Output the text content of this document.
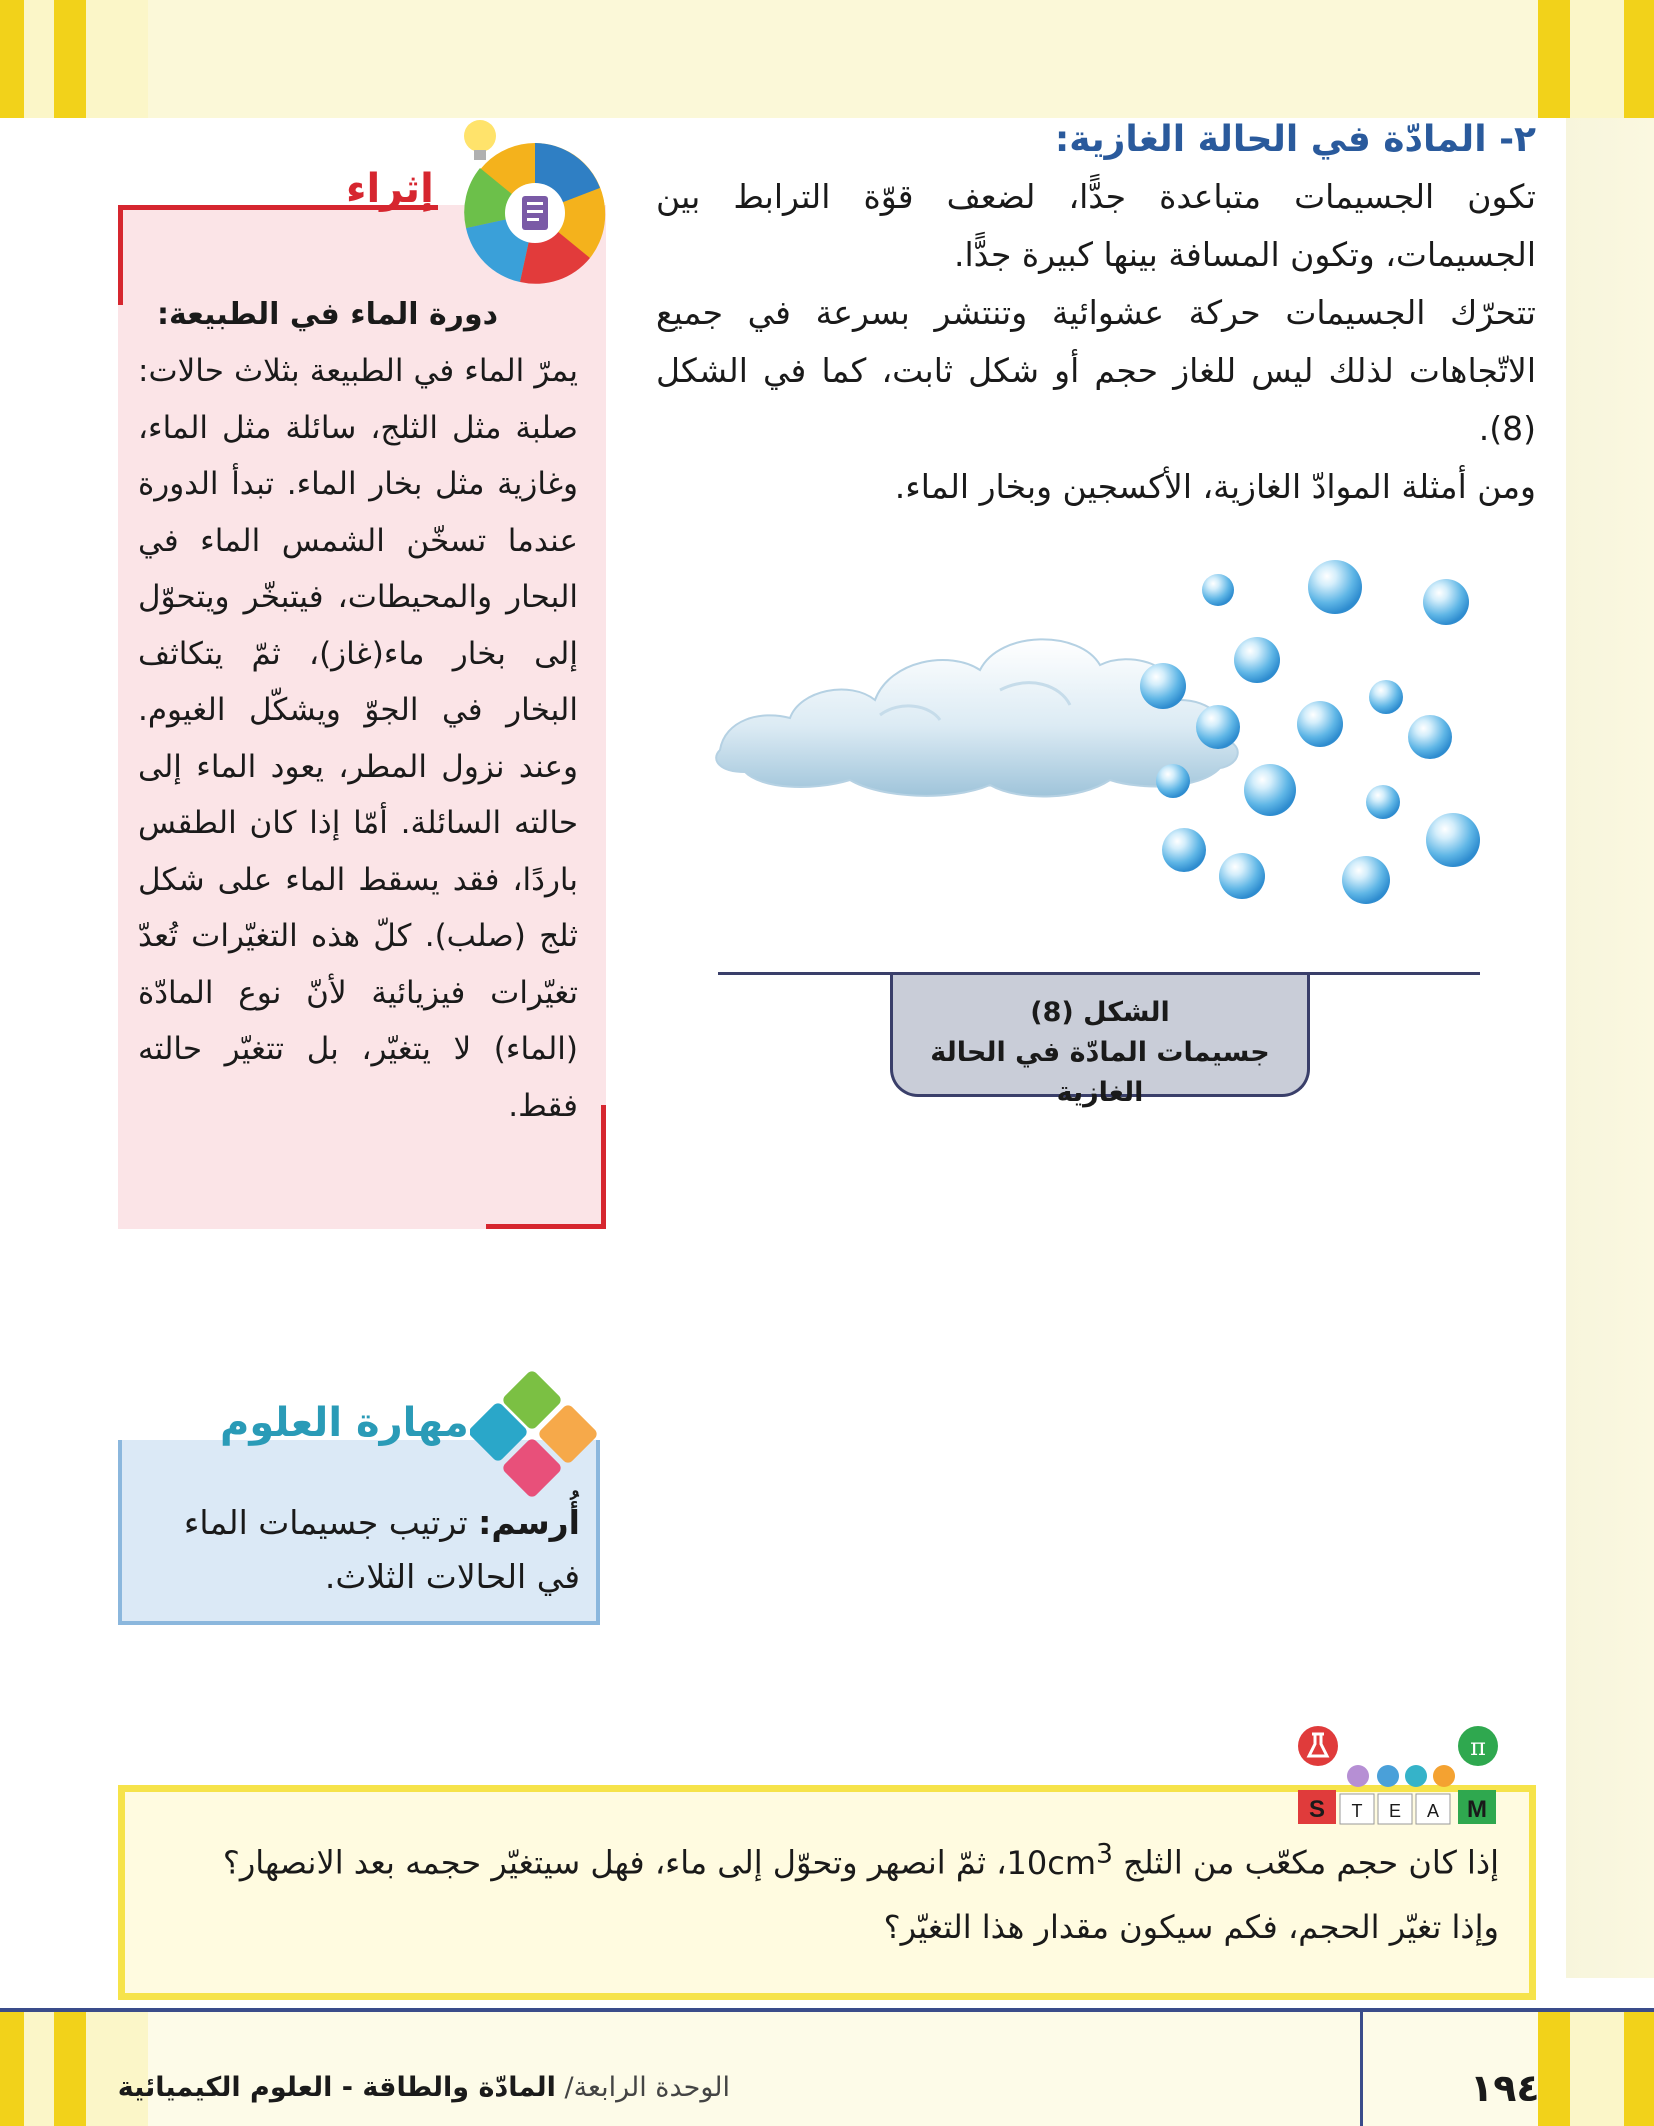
٢- المادّة في الحالة الغازية:

تكون الجسيمات متباعدة جدًّا، لضعف قوّة الترابط بين الجسيمات، وتكون المسافة بينها كبيرة جدًّا.

تتحرّك الجسيمات حركة عشوائية وتنتشر بسرعة في جميع الاتّجاهات لذلك ليس للغاز حجم أو شكل ثابت، كما في الشكل (8).

ومن أمثلة الموادّ الغازية، الأكسجين وبخار الماء.

الشكل (8)
جسيمات المادّة في الحالة الغازية
دورة الماء في الطبيعة:

يمرّ الماء في الطبيعة بثلاث حالات: صلبة مثل الثلج، سائلة مثل الماء، وغازية مثل بخار الماء. تبدأ الدورة عندما تسخّن الشمس الماء في البحار والمحيطات، فيتبخّر ويتحوّل إلى بخار ماء(غاز)، ثمّ يتكاثف البخار في الجوّ ويشكّل الغيوم. وعند نزول المطر، يعود الماء إلى حالته السائلة. أمّا إذا كان الطقس باردًا، فقد يسقط الماء على شكل ثلج (صلب). كلّ هذه التغيّرات تُعدّ تغيّرات فيزيائية لأنّ نوع المادّة (الماء) لا يتغيّر، بل تتغيّر حالته فقط.

إثراء
مهارة العلوم
أُرسم: ترتيب جسيمات الماء في الحالات الثلاث.
إذا كان حجم مكعّب من الثلج $10cm^3،$ ثمّ انصهر وتحوّل إلى ماء، فهل سيتغيّر حجمه بعد الانصهار؟
وإذا تغيّر الحجم، فكم سيكون مقدار هذا التغيّر؟
π
S T E A M
١٩٤
الوحدة الرابعة/ المادّة والطاقة - العلوم الكيميائية
